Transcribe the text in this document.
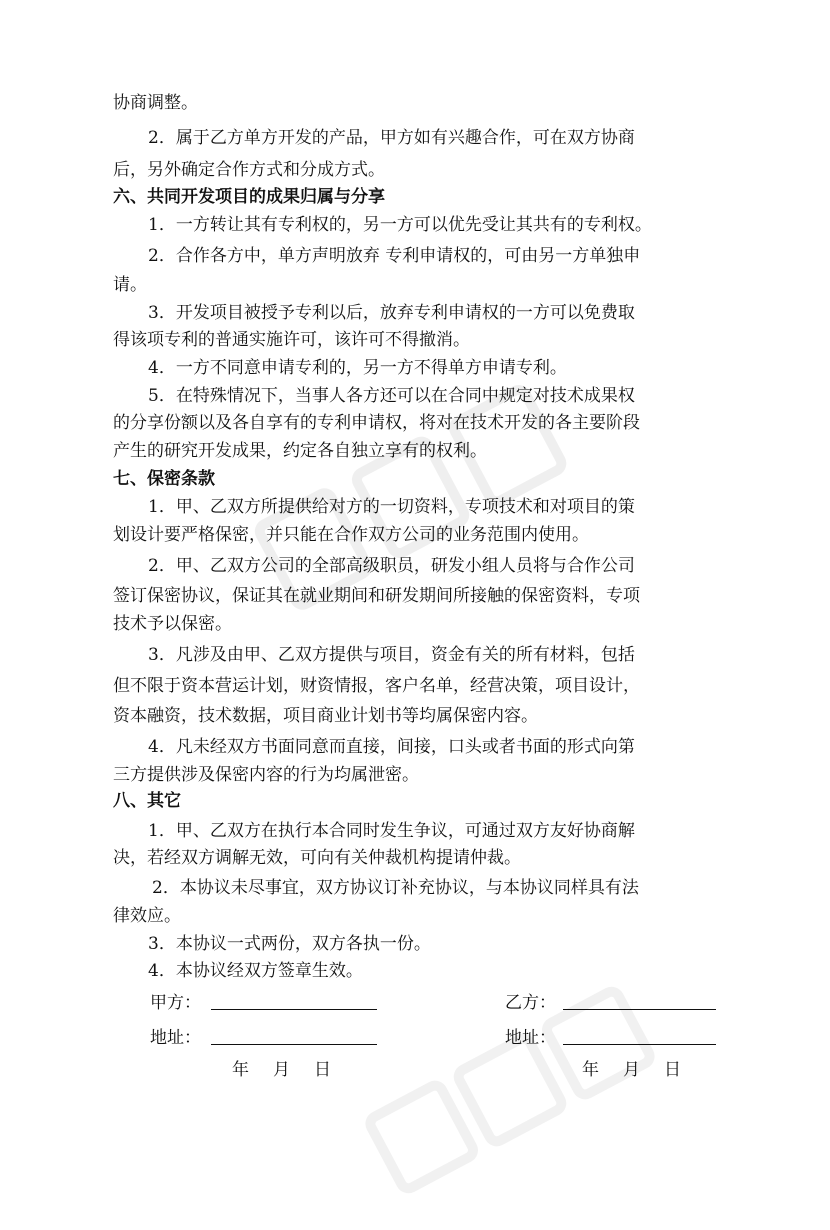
协商调整。
2．属于乙方单方开发的产品，甲方如有兴趣合作，可在双方协商
后，另外确定合作方式和分成方式。
六、共同开发项目的成果归属与分享
1．一方转让其有专利权的，另一方可以优先受让其共有的专利权。
2．合作各方中，单方声明放弃 专利申请权的，可由另一方单独申
请。
3．开发项目被授予专利以后，放弃专利申请权的一方可以免费取
得该项专利的普通实施许可，该许可不得撤消。
4．一方不同意申请专利的，另一方不得单方申请专利。
5．在特殊情况下，当事人各方还可以在合同中规定对技术成果权
的分享份额以及各自享有的专利申请权，将对在技术开发的各主要阶段
产生的研究开发成果，约定各自独立享有的权利。
七、保密条款
1．甲、乙双方所提供给对方的一切资料，专项技术和对项目的策
划设计要严格保密，并只能在合作双方公司的业务范围内使用。
2．甲、乙双方公司的全部高级职员，研发小组人员将与合作公司
签订保密协议，保证其在就业期间和研发期间所接触的保密资料，专项
技术予以保密。
3．凡涉及由甲、乙双方提供与项目，资金有关的所有材料，包括
但不限于资本营运计划，财资情报，客户名单，经营决策，项目设计，
资本融资，技术数据，项目商业计划书等均属保密内容。
4．凡未经双方书面同意而直接，间接，口头或者书面的形式向第
三方提供涉及保密内容的行为均属泄密。
八、其它
1．甲、乙双方在执行本合同时发生争议，可通过双方友好协商解
决，若经双方调解无效，可向有关仲裁机构提请仲裁。
2．本协议未尽事宜，双方协议订补充协议，与本协议同样具有法
律效应。
3．本协议一式两份，双方各执一份。
4．本协议经双方签章生效。
甲方：	乙方：
地址：	地址：
年 月 日	年 月 日
